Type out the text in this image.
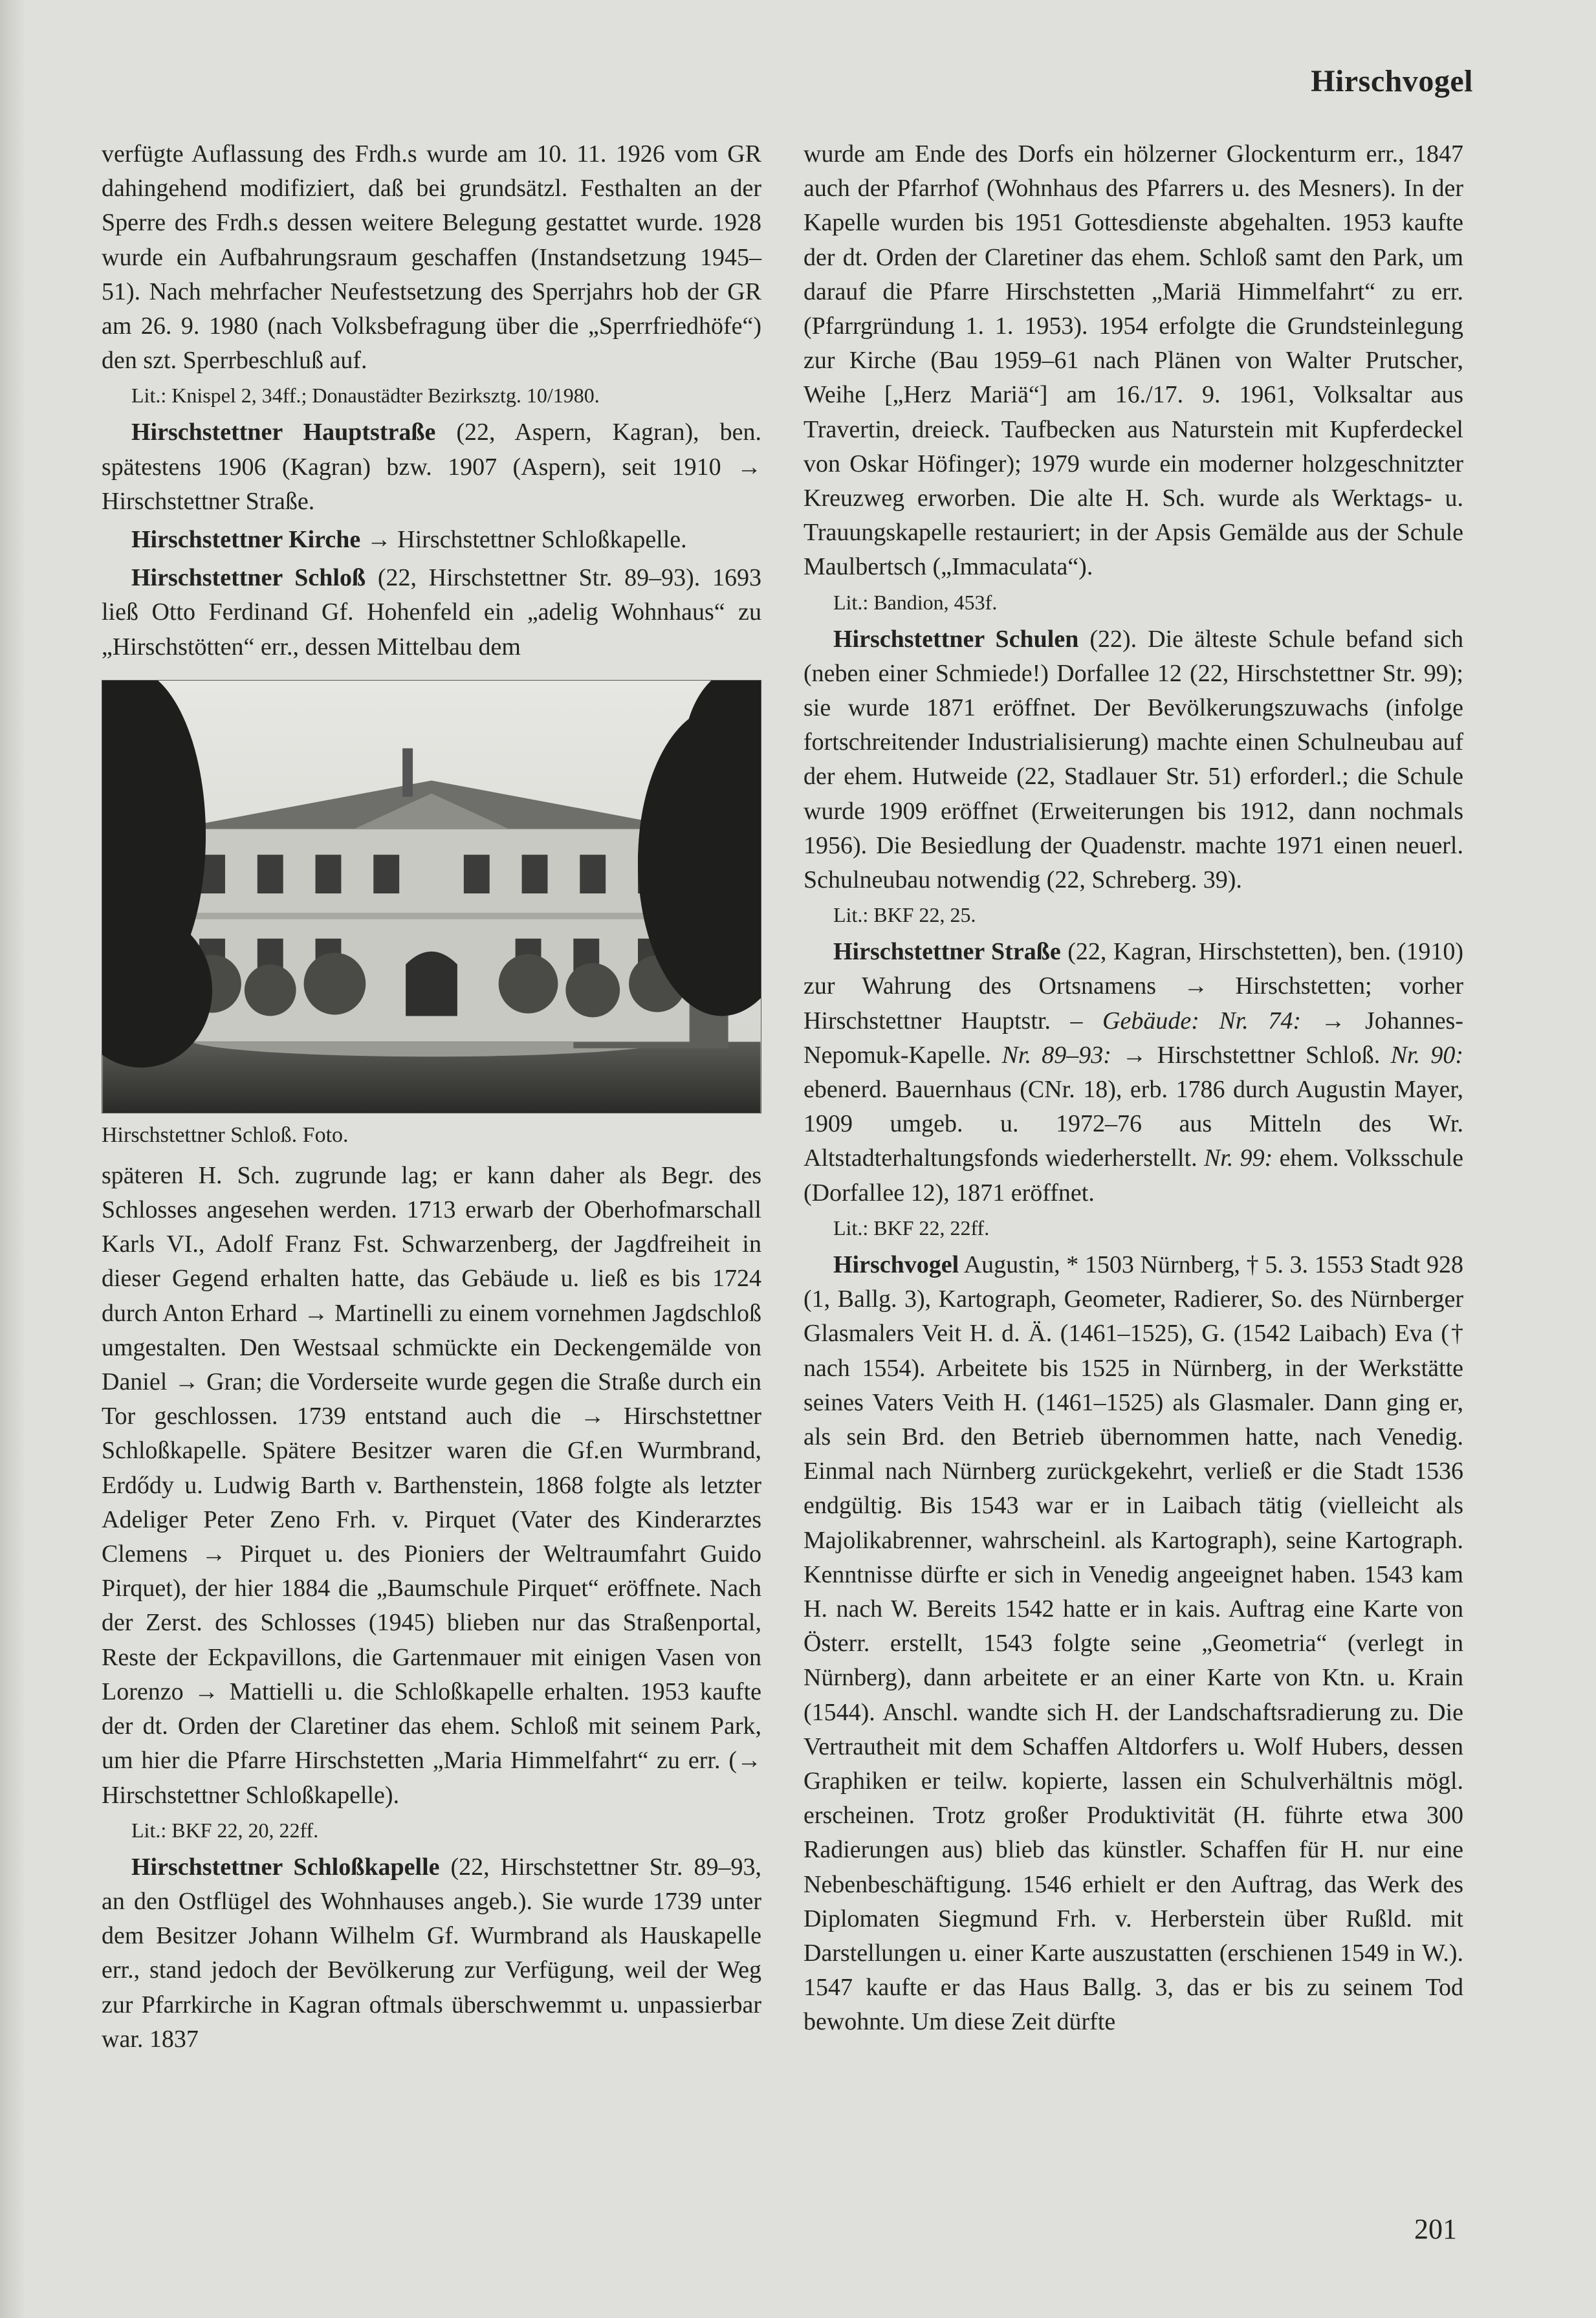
Hirschvogel

verfügte Auflassung des Frdh.s wurde am 10. 11. 1926 vom GR dahingehend modifiziert, daß bei grundsätzl. Festhalten an der Sperre des Frdh.s dessen weitere Belegung gestattet wurde. 1928 wurde ein Aufbahrungsraum geschaffen (Instandsetzung 1945–51). Nach mehrfacher Neufestsetzung des Sperrjahrs hob der GR am 26. 9. 1980 (nach Volksbefragung über die „Sperrfriedhöfe“) den szt. Sperrbeschluß auf.

Lit.: Knispel 2, 34ff.; Donaustädter Bezirksztg. 10/1980.

Hirschstettner Hauptstraße (22, Aspern, Kagran), ben. spätestens 1906 (Kagran) bzw. 1907 (Aspern), seit 1910 → Hirschstettner Straße.

Hirschstettner Kirche → Hirschstettner Schloßkapelle.

Hirschstettner Schloß (22, Hirschstettner Str. 89–93). 1693 ließ Otto Ferdinand Gf. Hohenfeld ein „adelig Wohnhaus“ zu „Hirschstötten“ err., dessen Mittelbau dem

Hirschstettner Schloß. Foto.

späteren H. Sch. zugrunde lag; er kann daher als Begr. des Schlosses angesehen werden. 1713 erwarb der Oberhofmarschall Karls VI., Adolf Franz Fst. Schwarzenberg, der Jagdfreiheit in dieser Gegend erhalten hatte, das Gebäude u. ließ es bis 1724 durch Anton Erhard → Martinelli zu einem vornehmen Jagdschloß umgestalten. Den Westsaal schmückte ein Deckengemälde von Daniel → Gran; die Vorderseite wurde gegen die Straße durch ein Tor geschlossen. 1739 entstand auch die → Hirschstettner Schloßkapelle. Spätere Besitzer waren die Gf.en Wurmbrand, Erdődy u. Ludwig Barth v. Barthenstein, 1868 folgte als letzter Adeliger Peter Zeno Frh. v. Pirquet (Vater des Kinderarztes Clemens → Pirquet u. des Pioniers der Weltraumfahrt Guido Pirquet), der hier 1884 die „Baumschule Pirquet“ eröffnete. Nach der Zerst. des Schlosses (1945) blieben nur das Straßenportal, Reste der Eckpavillons, die Gartenmauer mit einigen Vasen von Lorenzo → Mattielli u. die Schloßkapelle erhalten. 1953 kaufte der dt. Orden der Claretiner das ehem. Schloß mit seinem Park, um hier die Pfarre Hirschstetten „Maria Himmelfahrt“ zu err. (→ Hirschstettner Schloßkapelle).

Lit.: BKF 22, 20, 22ff.

Hirschstettner Schloßkapelle (22, Hirschstettner Str. 89–93, an den Ostflügel des Wohnhauses angeb.). Sie wurde 1739 unter dem Besitzer Johann Wilhelm Gf. Wurmbrand als Hauskapelle err., stand jedoch der Bevölkerung zur Verfügung, weil der Weg zur Pfarrkirche in Kagran oftmals überschwemmt u. unpassierbar war. 1837

wurde am Ende des Dorfs ein hölzerner Glockenturm err., 1847 auch der Pfarrhof (Wohnhaus des Pfarrers u. des Mesners). In der Kapelle wurden bis 1951 Gottesdienste abgehalten. 1953 kaufte der dt. Orden der Claretiner das ehem. Schloß samt den Park, um darauf die Pfarre Hirschstetten „Mariä Himmelfahrt“ zu err. (Pfarrgründung 1. 1. 1953). 1954 erfolgte die Grundsteinlegung zur Kirche (Bau 1959–61 nach Plänen von Walter Prutscher, Weihe [„Herz Mariä“] am 16./17. 9. 1961, Volksaltar aus Travertin, dreieck. Taufbecken aus Naturstein mit Kupferdeckel von Oskar Höfinger); 1979 wurde ein moderner holzgeschnitzter Kreuzweg erworben. Die alte H. Sch. wurde als Werktags- u. Trauungskapelle restauriert; in der Apsis Gemälde aus der Schule Maulbertsch („Immaculata“).

Lit.: Bandion, 453f.

Hirschstettner Schulen (22). Die älteste Schule befand sich (neben einer Schmiede!) Dorfallee 12 (22, Hirschstettner Str. 99); sie wurde 1871 eröffnet. Der Bevölkerungszuwachs (infolge fortschreitender Industrialisierung) machte einen Schulneubau auf der ehem. Hutweide (22, Stadlauer Str. 51) erforderl.; die Schule wurde 1909 eröffnet (Erweiterungen bis 1912, dann nochmals 1956). Die Besiedlung der Quadenstr. machte 1971 einen neuerl. Schulneubau notwendig (22, Schreberg. 39).

Lit.: BKF 22, 25.

Hirschstettner Straße (22, Kagran, Hirschstetten), ben. (1910) zur Wahrung des Ortsnamens → Hirschstetten; vorher Hirschstettner Hauptstr. – Gebäude: Nr. 74: → Johannes-Nepomuk-Kapelle. Nr. 89–93: → Hirschstettner Schloß. Nr. 90: ebenerd. Bauernhaus (CNr. 18), erb. 1786 durch Augustin Mayer, 1909 umgeb. u. 1972–76 aus Mitteln des Wr. Altstadterhaltungsfonds wiederherstellt. Nr. 99: ehem. Volksschule (Dorfallee 12), 1871 eröffnet.

Lit.: BKF 22, 22ff.

Hirschvogel Augustin, * 1503 Nürnberg, † 5. 3. 1553 Stadt 928 (1, Ballg. 3), Kartograph, Geometer, Radierer, So. des Nürnberger Glasmalers Veit H. d. Ä. (1461–1525), G. (1542 Laibach) Eva († nach 1554). Arbeitete bis 1525 in Nürnberg, in der Werkstätte seines Vaters Veith H. (1461–1525) als Glasmaler. Dann ging er, als sein Brd. den Betrieb übernommen hatte, nach Venedig. Einmal nach Nürnberg zurückgekehrt, verließ er die Stadt 1536 endgültig. Bis 1543 war er in Laibach tätig (vielleicht als Majolikabrenner, wahrscheinl. als Kartograph), seine Kartograph. Kenntnisse dürfte er sich in Venedig angeeignet haben. 1543 kam H. nach W. Bereits 1542 hatte er in kais. Auftrag eine Karte von Österr. erstellt, 1543 folgte seine „Geometria“ (verlegt in Nürnberg), dann arbeitete er an einer Karte von Ktn. u. Krain (1544). Anschl. wandte sich H. der Landschaftsradierung zu. Die Vertrautheit mit dem Schaffen Altdorfers u. Wolf Hubers, dessen Graphiken er teilw. kopierte, lassen ein Schulverhältnis mögl. erscheinen. Trotz großer Produktivität (H. führte etwa 300 Radierungen aus) blieb das künstler. Schaffen für H. nur eine Nebenbeschäftigung. 1546 erhielt er den Auftrag, das Werk des Diplomaten Siegmund Frh. v. Herberstein über Rußld. mit Darstellungen u. einer Karte auszustatten (erschienen 1549 in W.). 1547 kaufte er das Haus Ballg. 3, das er bis zu seinem Tod bewohnte. Um diese Zeit dürfte

201
